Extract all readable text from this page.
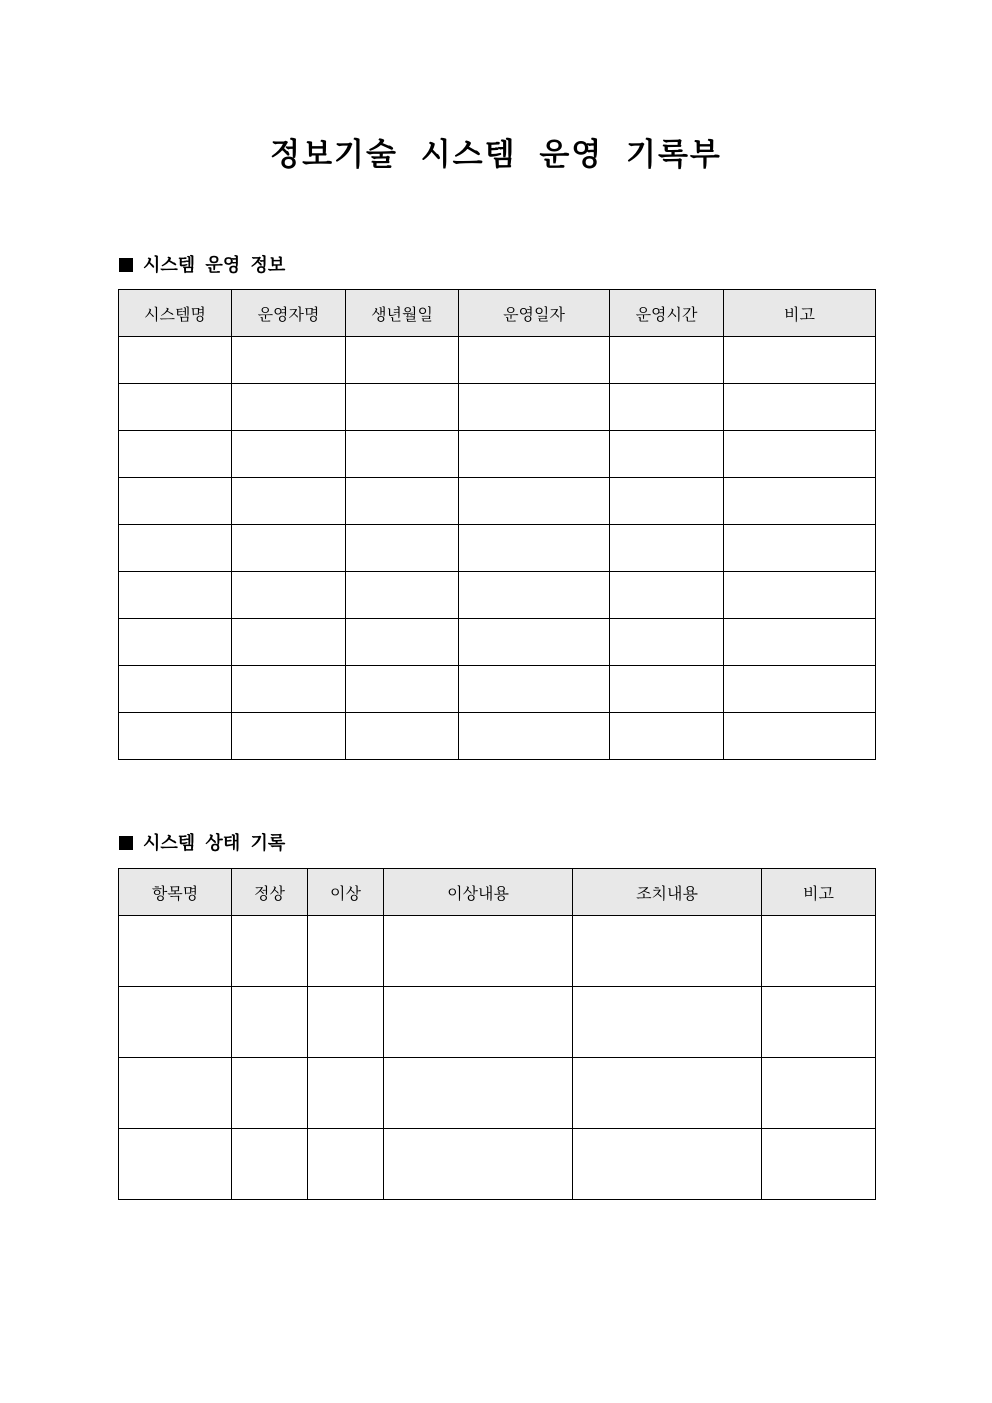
정보기술 시스템 운영 기록부
시스템 운영 정보
시스템명	운영자명	생년월일	운영일자	운영시간	비고

시스템 상태 기록
항목명	정상	이상	이상내용	조치내용	비고
